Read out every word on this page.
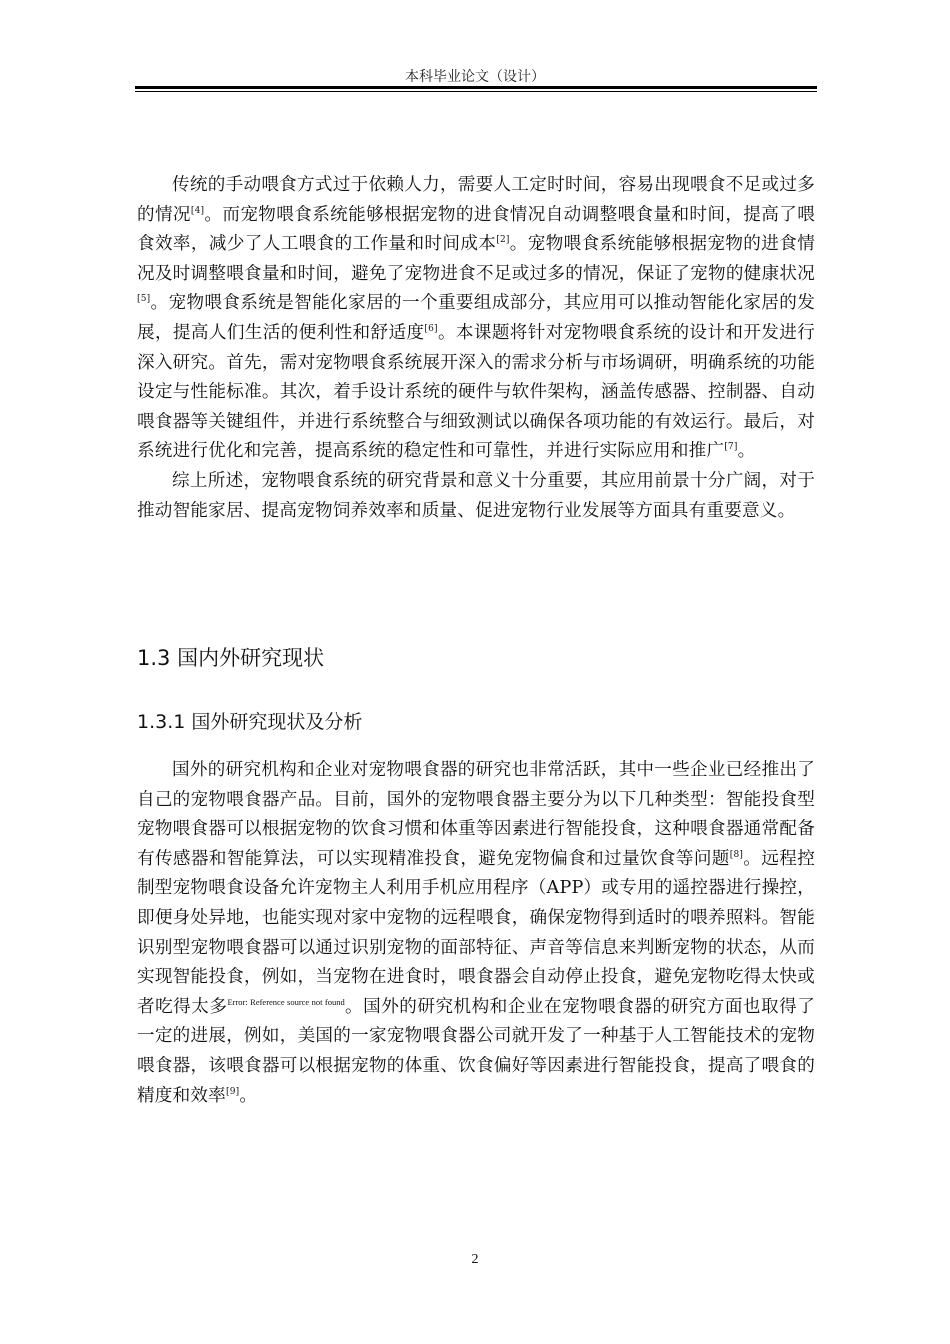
本科毕业论文（设计）

传统的手动喂食方式过于依赖人力，需要人工定时时间，容易出现喂食不足或过多的情况[4]。而宠物喂食系统能够根据宠物的进食情况自动调整喂食量和时间，提高了喂食效率，减少了人工喂食的工作量和时间成本[2]。宠物喂食系统能够根据宠物的进食情况及时调整喂食量和时间，避免了宠物进食不足或过多的情况，保证了宠物的健康状况[5]。宠物喂食系统是智能化家居的一个重要组成部分，其应用可以推动智能化家居的发展，提高人们生活的便利性和舒适度[6]。本课题将针对宠物喂食系统的设计和开发进行深入研究。首先，需对宠物喂食系统展开深入的需求分析与市场调研，明确系统的功能设定与性能标准。其次，着手设计系统的硬件与软件架构，涵盖传感器、控制器、自动喂食器等关键组件，并进行系统整合与细致测试以确保各项功能的有效运行。最后，对系统进行优化和完善，提高系统的稳定性和可靠性，并进行实际应用和推广[7]。

综上所述，宠物喂食系统的研究背景和意义十分重要，其应用前景十分广阔，对于推动智能家居、提高宠物饲养效率和质量、促进宠物行业发展等方面具有重要意义。

1.3 国内外研究现状
1.3.1 国外研究现状及分析

国外的研究机构和企业对宠物喂食器的研究也非常活跃，其中一些企业已经推出了自己的宠物喂食器产品。目前，国外的宠物喂食器主要分为以下几种类型：智能投食型宠物喂食器可以根据宠物的饮食习惯和体重等因素进行智能投食，这种喂食器通常配备有传感器和智能算法，可以实现精准投食，避免宠物偏食和过量饮食等问题[8]。远程控制型宠物喂食设备允许宠物主人利用手机应用程序（APP）或专用的遥控器进行操控，即便身处异地，也能实现对家中宠物的远程喂食，确保宠物得到适时的喂养照料。智能识别型宠物喂食器可以通过识别宠物的面部特征、声音等信息来判断宠物的状态，从而实现智能投食，例如，当宠物在进食时，喂食器会自动停止投食，避免宠物吃得太快或者吃得太多$^{Error: Reference source not found}$。国外的研究机构和企业在宠物喂食器的研究方面也取得了一定的进展，例如，美国的一家宠物喂食器公司就开发了一种基于人工智能技术的宠物喂食器，该喂食器可以根据宠物的体重、饮食偏好等因素进行智能投食，提高了喂食的精度和效率[9]。

2
